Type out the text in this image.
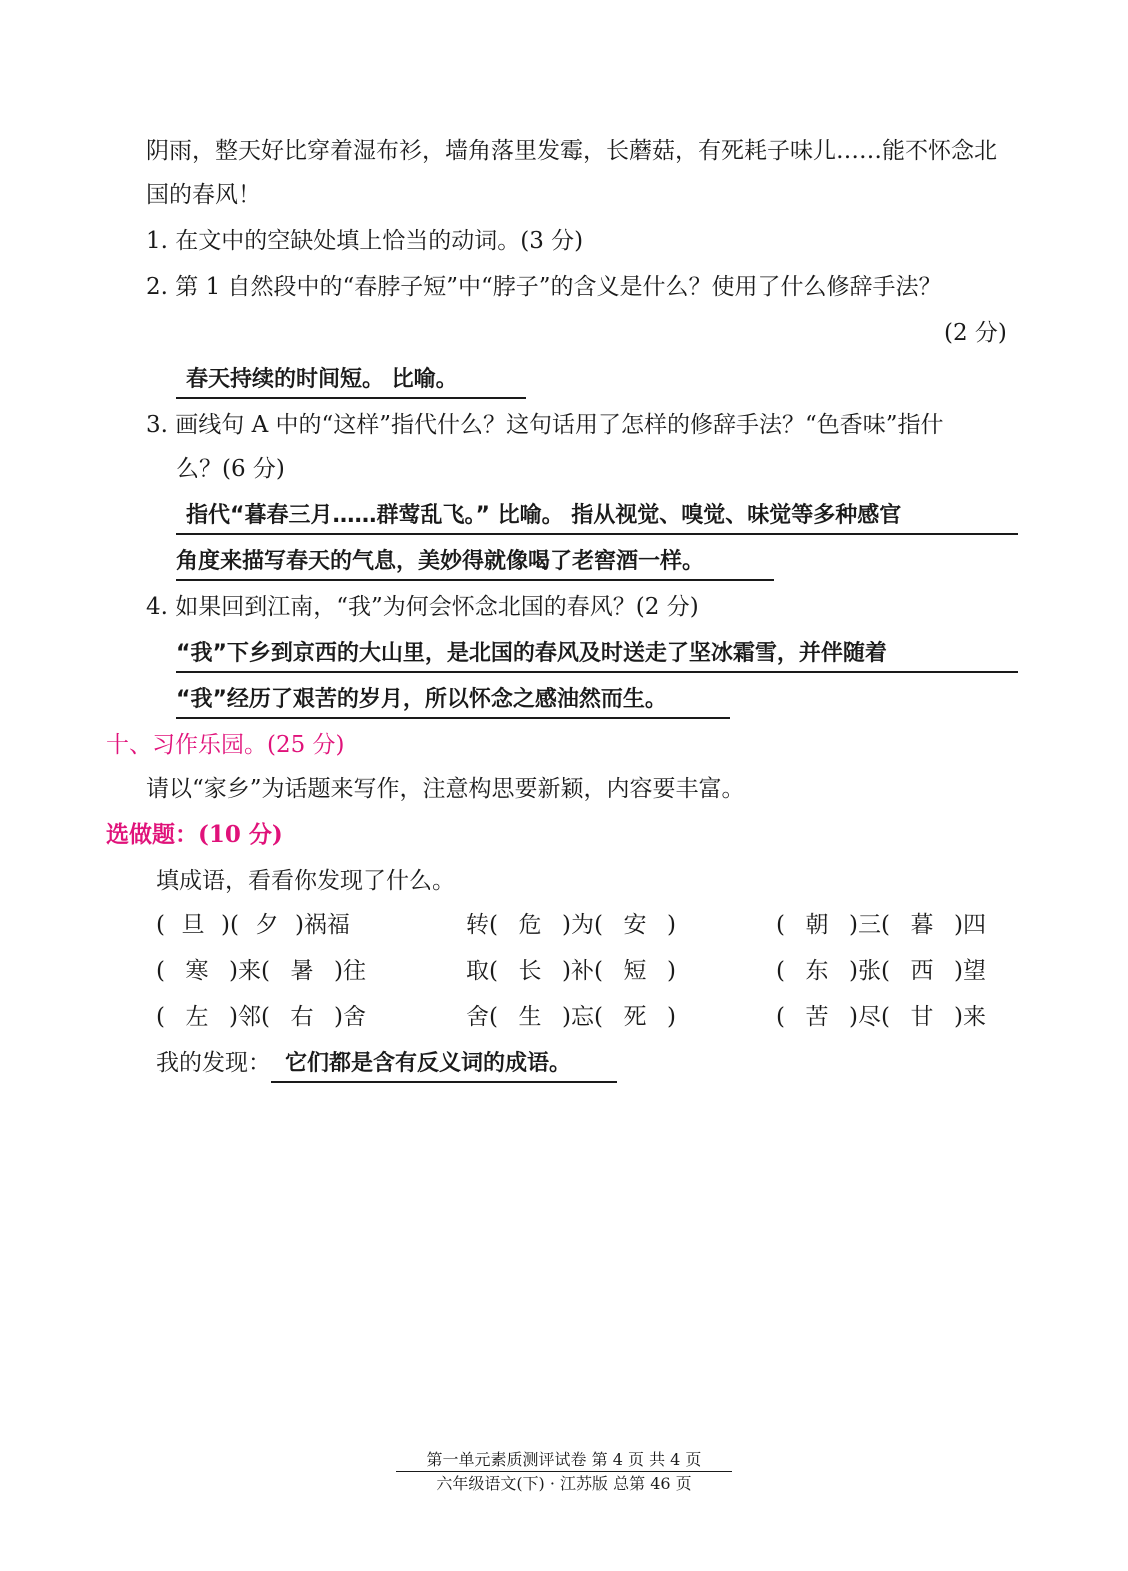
阴雨，整天好比穿着湿布衫，墙角落里发霉，长蘑菇，有死耗子味儿……能不怀念北
国的春风！
1. 在文中的空缺处填上恰当的动词。(3 分)
2. 第 1 自然段中的“春脖子短”中“脖子”的含义是什么？使用了什么修辞手法？
(2 分)
春天持续的时间短。 比喻。
3. 画线句 A 中的“这样”指代什么？这句话用了怎样的修辞手法？“色香味”指什
么？(6 分)
指代“暮春三月……群莺乱飞。” 比喻。 指从视觉、嗅觉、味觉等多种感官
角度来描写春天的气息，美妙得就像喝了老窖酒一样。
4. 如果回到江南，“我”为何会怀念北国的春风？(2 分)
“我”下乡到京西的大山里，是北国的春风及时送走了坚冰霜雪，并伴随着
“我”经历了艰苦的岁月，所以怀念之感油然而生。
十、习作乐园。(25 分)
请以“家乡”为话题来写作，注意构思要新颖，内容要丰富。
选做题：(10 分)
填成语，看看你发现了什么。
( 旦 )( 夕 )祸福	转( 危 )为( 安 )	( 朝 )三( 暮 )四
( 寒 )来( 暑 )往	取( 长 )补( 短 )	( 东 )张( 西 )望
( 左 )邻( 右 )舍	舍( 生 )忘( 死 )	( 苦 )尽( 甘 )来
我的发现： 它们都是含有反义词的成语。
第一单元素质测评试卷 第 4 页 共 4 页
六年级语文(下) · 江苏版 总第 46 页
